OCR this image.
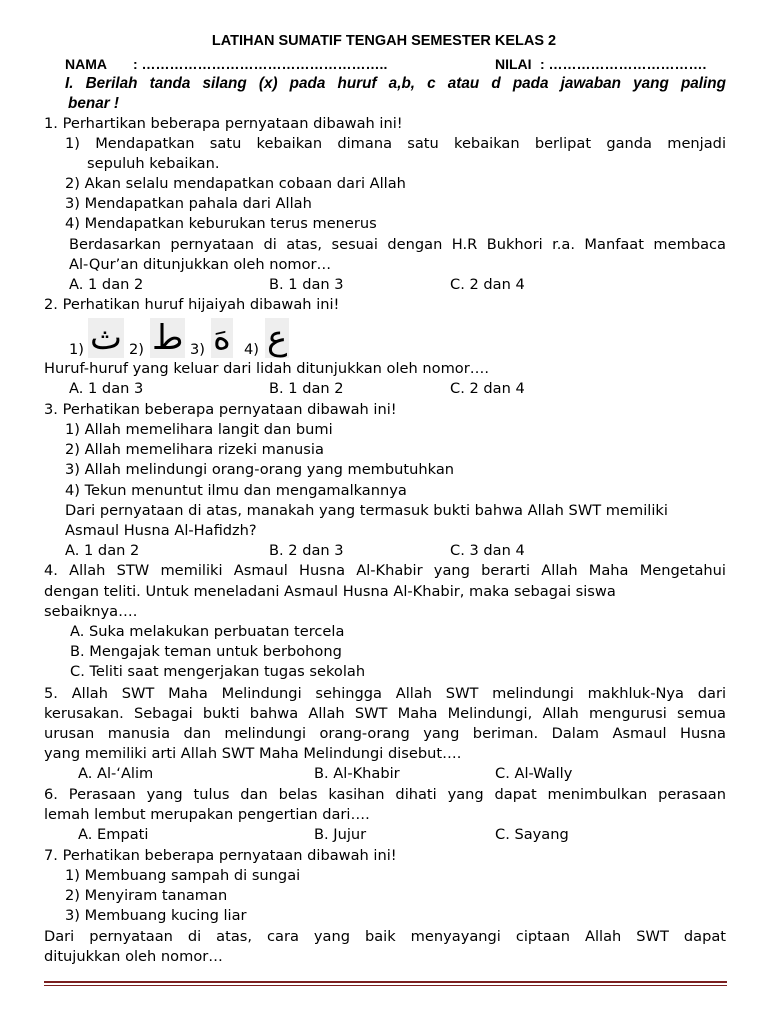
LATIHAN SUMATIF TENGAH SEMESTER KELAS 2
NAMA : ……………………………………………..	NILAI : …………………………….
I. Berilah tanda silang (x) pada huruf a,b, c atau d pada jawaban yang paling
benar !
1. Perhartikan beberapa pernyataan dibawah ini!
1) Mendapatkan satu kebaikan dimana satu kebaikan berlipat ganda menjadi
sepuluh kebaikan.
2) Akan selalu mendapatkan cobaan dari Allah
3) Mendapatkan pahala dari Allah
4) Mendapatkan keburukan terus menerus
Berdasarkan pernyataan di atas, sesuai dengan H.R Bukhori r.a. Manfaat membaca
Al-Qur’an ditunjukkan oleh nomor…
A. 1 dan 2	B. 1 dan 3	C. 2 dan 4
2. Perhatikan huruf hijaiyah dibawah ini!
1) ث 2) ط 3) هَ 4) ع
Huruf-huruf yang keluar dari lidah ditunjukkan oleh nomor….
A. 1 dan 3	B. 1 dan 2	C. 2 dan 4
3. Perhatikan beberapa pernyataan dibawah ini!
1) Allah memelihara langit dan bumi
2) Allah memelihara rizeki manusia
3) Allah melindungi orang-orang yang membutuhkan
4) Tekun menuntut ilmu dan mengamalkannya
Dari pernyataan di atas, manakah yang termasuk bukti bahwa Allah SWT memiliki
Asmaul Husna Al-Hafidzh?
A. 1 dan 2	B. 2 dan 3	C. 3 dan 4
4. Allah STW memiliki Asmaul Husna Al-Khabir yang berarti Allah Maha Mengetahui
dengan teliti. Untuk meneladani Asmaul Husna Al-Khabir, maka sebagai siswa
sebaiknya….
A. Suka melakukan perbuatan tercela
B. Mengajak teman untuk berbohong
C. Teliti saat mengerjakan tugas sekolah
5. Allah SWT Maha Melindungi sehingga Allah SWT melindungi makhluk-Nya dari
kerusakan. Sebagai bukti bahwa Allah SWT Maha Melindungi, Allah mengurusi semua
urusan manusia dan melindungi orang-orang yang beriman. Dalam Asmaul Husna
yang memiliki arti Allah SWT Maha Melindungi disebut….
A. Al-‘Alim	B. Al-Khabir	C. Al-Wally
6. Perasaan yang tulus dan belas kasihan dihati yang dapat menimbulkan perasaan
lemah lembut merupakan pengertian dari….
A. Empati	B. Jujur	C. Sayang
7. Perhatikan beberapa pernyataan dibawah ini!
1) Membuang sampah di sungai
2) Menyiram tanaman
3) Membuang kucing liar
Dari pernyataan di atas, cara yang baik menyayangi ciptaan Allah SWT dapat
ditujukkan oleh nomor…
